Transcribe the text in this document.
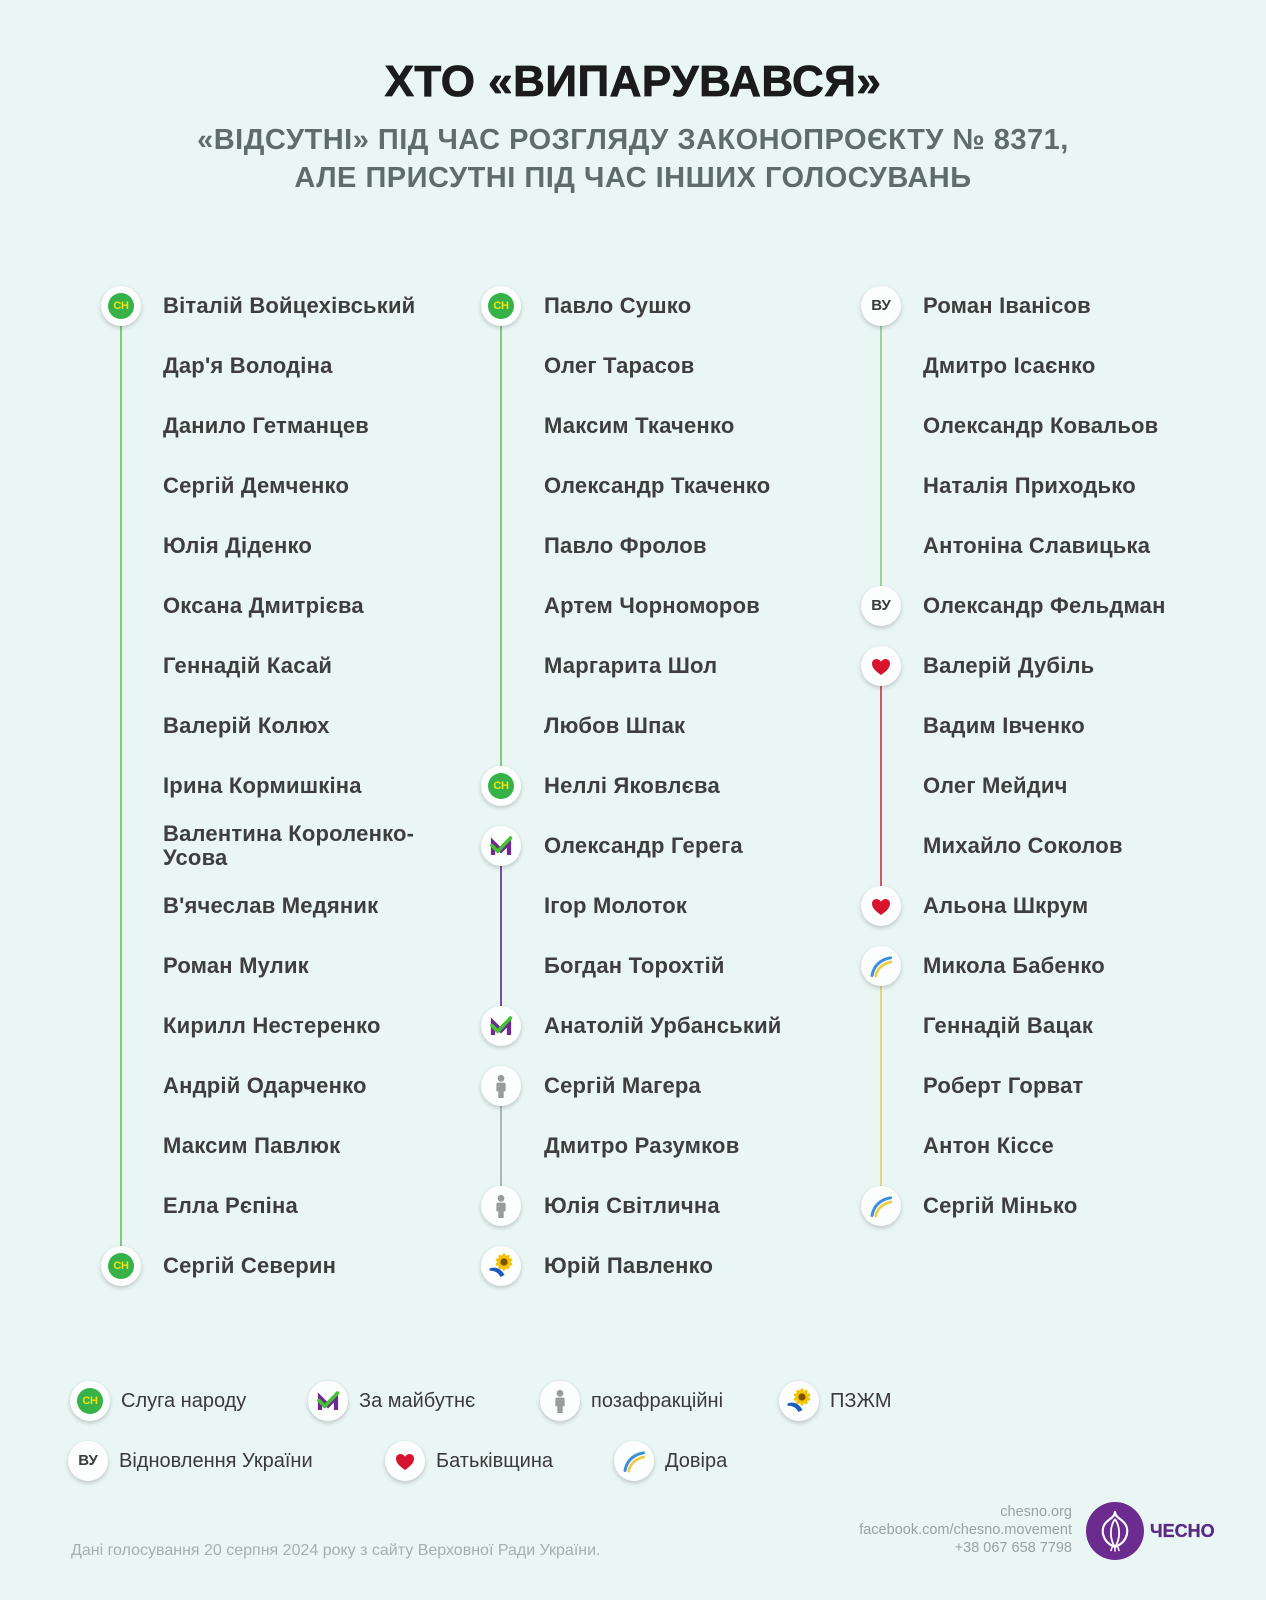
ХТО «ВИПАРУВАВСЯ»
«ВІДСУТНІ» ПІД ЧАС РОЗГЛЯДУ ЗАКОНОПРОЄКТУ № 8371,
АЛЕ ПРИСУТНІ ПІД ЧАС ІНШИХ ГОЛОСУВАНЬ
Дані голосування 20 серпня 2024 року з сайту Верховної Ради України.
chesno.org
facebook.com/chesno.movement
+38 067 658 7798
ЧЕСНО
СН
СН
Віталій Войцехівський
Дар'я Володіна
Данило Гетманцев
Сергій Демченко
Юлія Діденко
Оксана Дмитрієва
Геннадій Касай
Валерій Колюх
Ірина Кормишкіна
Валентина Короленко-Усова
В'ячеслав Медяник
Роман Мулик
Кирилл Нестеренко
Андрій Одарченко
Максим Павлюк
Елла Рєпіна
Сергій Северин
СН
СН
Павло Сушко
Олег Тарасов
Максим Ткаченко
Олександр Ткаченко
Павло Фролов
Артем Чорноморов
Маргарита Шол
Любов Шпак
Неллі Яковлєва
Олександр Герега
Ігор Молоток
Богдан Торохтій
Анатолій Урбанський
Сергій Магера
Дмитро Разумков
Юлія Світлична
Юрій Павленко
ВУ
ВУ
Роман Іванісов
Дмитро Ісаєнко
Олександр Ковальов
Наталія Приходько
Антоніна Славицька
Олександр Фельдман
Валерій Дубіль
Вадим Івченко
Олег Мейдич
Михайло Соколов
Альона Шкрум
Микола Бабенко
Геннадій Вацак
Роберт Горват
Антон Кіссе
Сергій Мінько
СН Слуга народу	За майбутнє	позафракційні	ПЗЖМ
ВУ	Відновлення України	Батьківщина	Довіра
